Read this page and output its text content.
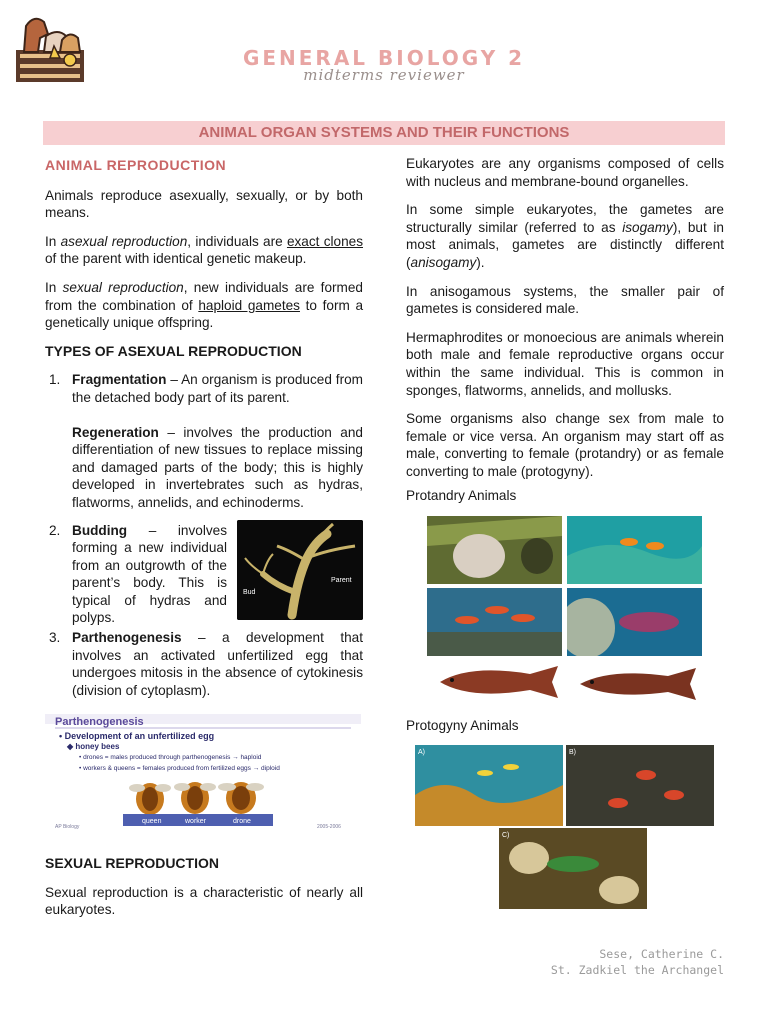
GENERAL BIOLOGY 2
midterms reviewer
ANIMAL ORGAN SYSTEMS AND THEIR FUNCTIONS
ANIMAL REPRODUCTION

Animals reproduce asexually, sexually, or by both means.

In asexual reproduction, individuals are exact clones of the parent with identical genetic makeup.

In sexual reproduction, new individuals are formed from the combination of haploid gametes to form a genetically unique offspring.

TYPES OF ASEXUAL REPRODUCTION
1. Fragmentation – An organism is produced from the detached body part of its parent.
Regeneration – involves the production and differentiation of new tissues to replace missing and damaged parts of the body; this is highly developed in invertebrates such as hydras, flatworms, annelids, and echinoderms.
2. Budding – involves forming a new individual from an outgrowth of the parent’s body. This is typical of hydras and polyps.
Bud
Parent
3. Parthenogenesis – a development that involves an activated unfertilized egg that undergoes mitosis in the absence of cytokinesis (division of cytoplasm).
Parthenogenesis
• Development of an unfertilized egg
◆ honey bees
• drones = males produced through parthenogenesis → haploid
• workers & queens = females produced from fertilized eggs → diploid
queen	worker	drone
AP Biology	2005-2006
SEXUAL REPRODUCTION

Sexual reproduction is a characteristic of nearly all eukaryotes.

Eukaryotes are any organisms composed of cells with nucleus and membrane-bound organelles.

In some simple eukaryotes, the gametes are structurally similar (referred to as isogamy), but in most animals, gametes are distinctly different (anisogamy).

In anisogamous systems, the smaller pair of gametes is considered male.

Hermaphrodites or monoecious are animals wherein both male and female reproductive organs occur within the same individual. This is common in sponges, flatworms, annelids, and mollusks.

Some organisms also change sex from male to female or vice versa. An organism may start off as male, converting to female (protandry) or as female converting to male (protogyny).

Protandry Animals
Protogyny Animals
A)	B)
C)
Sese, Catherine C.
St. Zadkiel the Archangel
